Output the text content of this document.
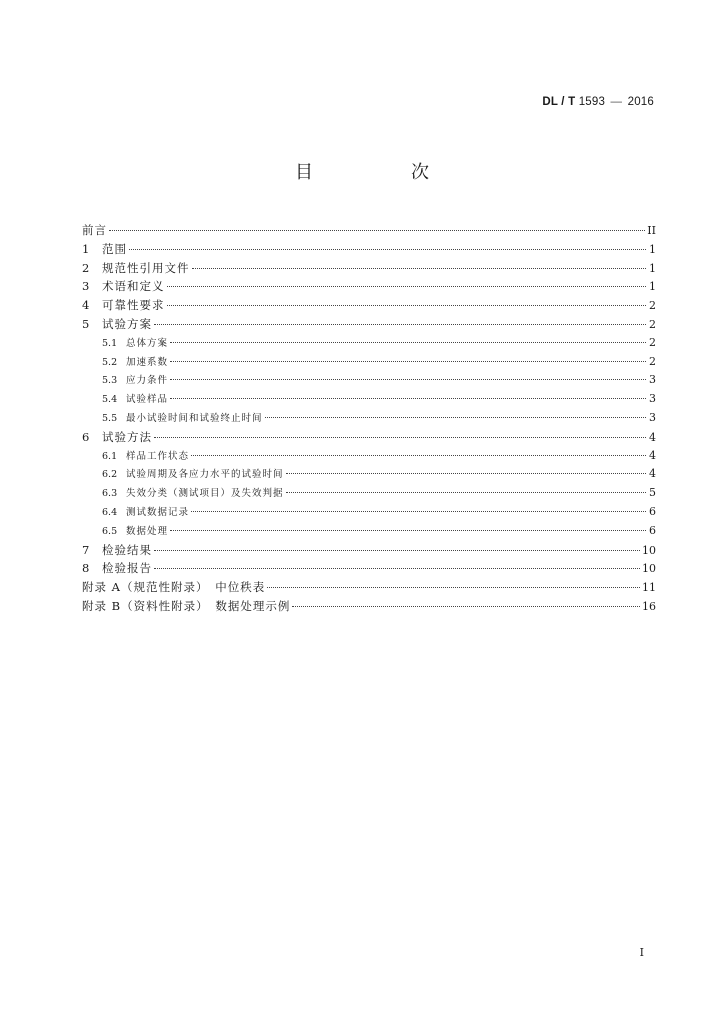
DL / T 1593 — 2016
目　次
前言	II
1	范围	1
2	规范性引用文件	1
3	术语和定义	1
4	可靠性要求	2
5	试验方案	2
5.1 总体方案	2
5.2 加速系数	2
5.3 应力条件	3
5.4 试验样品	3
5.5 最小试验时间和试验终止时间	3
6	试验方法	4
6.1 样品工作状态	4
6.2 试验周期及各应力水平的试验时间	4
6.3 失效分类（测试项目）及失效判据	5
6.4 测试数据记录	6
6.5 数据处理	6
7	检验结果	10
8	检验报告	10
附录 A（规范性附录）　中位秩表	11
附录 B（资料性附录）　数据处理示例	16
I
